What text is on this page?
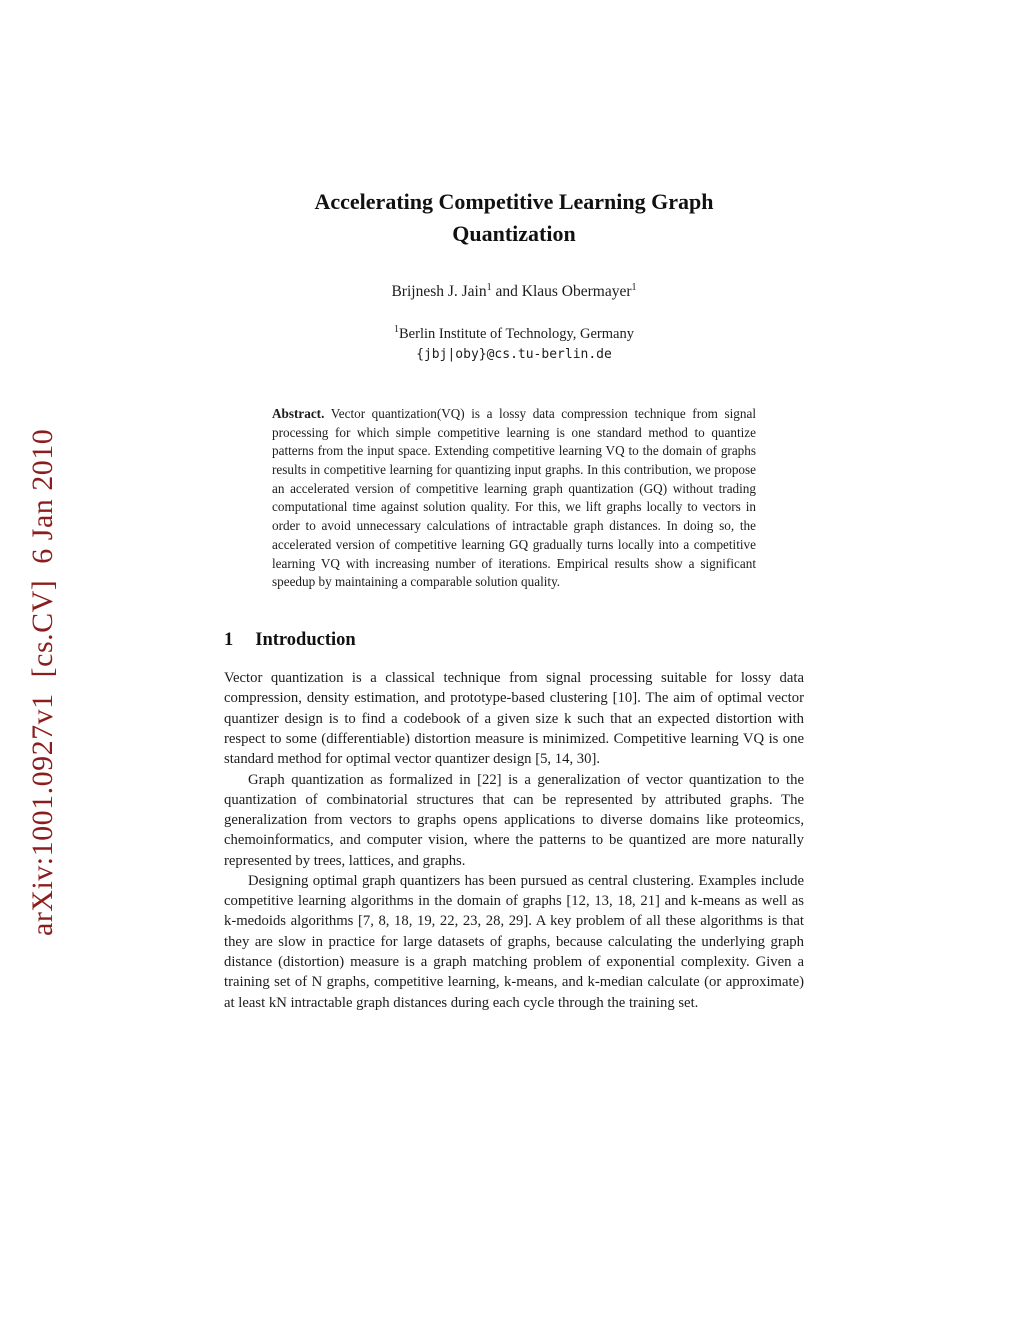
arXiv:1001.0927v1  [cs.CV]  6 Jan 2010
Accelerating Competitive Learning Graph Quantization

Brijnesh J. Jain$^1$ and Klaus Obermayer$^1$

$^1$Berlin Institute of Technology, Germany

{jbj|oby}@cs.tu-berlin.de

Abstract. Vector quantization(VQ) is a lossy data compression technique from signal processing for which simple competitive learning is one standard method to quantize patterns from the input space. Extending competitive learning VQ to the domain of graphs results in competitive learning for quantizing input graphs. In this contribution, we propose an accelerated version of competitive learning graph quantization (GQ) without trading computational time against solution quality. For this, we lift graphs locally to vectors in order to avoid unnecessary calculations of intractable graph distances. In doing so, the accelerated version of competitive learning GQ gradually turns locally into a competitive learning VQ with increasing number of iterations. Empirical results show a significant speedup by maintaining a comparable solution quality.
1 Introduction

Vector quantization is a classical technique from signal processing suitable for lossy data compression, density estimation, and prototype-based clustering [10]. The aim of optimal vector quantizer design is to find a codebook of a given size k such that an expected distortion with respect to some (differentiable) distortion measure is minimized. Competitive learning VQ is one standard method for optimal vector quantizer design [5, 14, 30].

Graph quantization as formalized in [22] is a generalization of vector quantization to the quantization of combinatorial structures that can be represented by attributed graphs. The generalization from vectors to graphs opens applications to diverse domains like proteomics, chemoinformatics, and computer vision, where the patterns to be quantized are more naturally represented by trees, lattices, and graphs.

Designing optimal graph quantizers has been pursued as central clustering. Examples include competitive learning algorithms in the domain of graphs [12, 13, 18, 21] and k-means as well as k-medoids algorithms [7, 8, 18, 19, 22, 23, 28, 29]. A key problem of all these algorithms is that they are slow in practice for large datasets of graphs, because calculating the underlying graph distance (distortion) measure is a graph matching problem of exponential complexity. Given a training set of N graphs, competitive learning, k-means, and k-median calculate (or approximate) at least kN intractable graph distances during each cycle through the training set.
